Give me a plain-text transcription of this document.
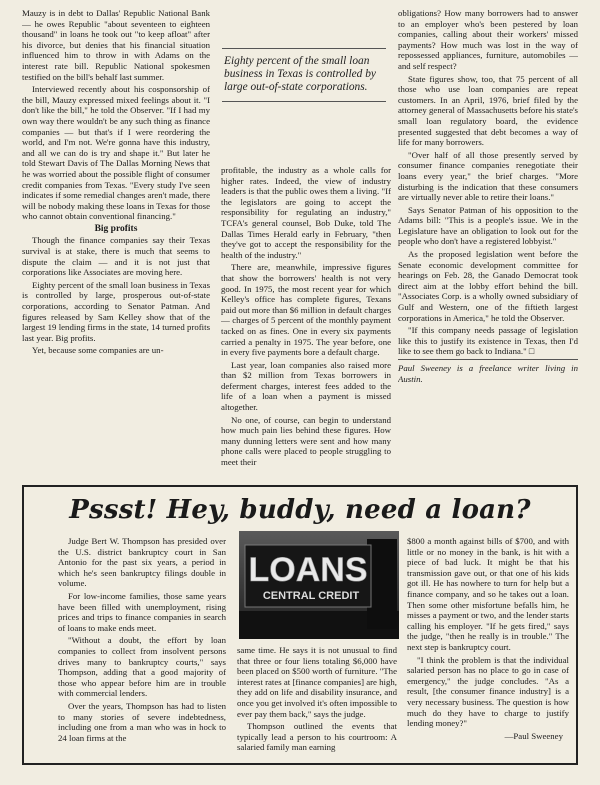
Mauzy is in debt to Dallas' Republic National Bank — he owes Republic "about seventeen to eighteen thousand" in loans he took out "to keep afloat" after his divorce, but denies that his financial situation influenced him to throw in with Adams on the interest rate bill. Republic National spokesmen testified on the bill's behalf last summer.

Interviewed recently about his cosponsorship of the bill, Mauzy expressed mixed feelings about it. "I don't like the bill," he told the Observer. "If I had my own way there wouldn't be any such thing as finance companies — but that's if I were reordering the world, and I'm not. We're gonna have this industry, and all we can do is try and shape it." But later he told Stewart Davis of The Dallas Morning News that he was worried about the possible flight of consumer credit companies from Texas. "Every study I've seen indicates if some remedial changes aren't made, there will be nobody making these loans in Texas for those who cannot obtain conventional financing."

Big profits

Though the finance companies say their Texas survival is at stake, there is much that seems to dispute the claim — and it is not just that corporations like Associates are moving here.

Eighty percent of the small loan business in Texas is controlled by large, prosperous out-of-state corporations, according to Senator Patman. And figures released by Sam Kelley show that of the largest 19 lending firms in the state, 14 turned profits last year. Big profits.

Yet, because some companies are un-

Eighty percent of the small loan business in Texas is controlled by large out-of-state corporations.

profitable, the industry as a whole calls for higher rates. Indeed, the view of industry leaders is that the public owes them a living. "If the legislators are going to accept the responsibility for regulating an industry," TCFA's general counsel, Bob Duke, told The Dallas Times Herald early in February, "then they've got to accept the responsibility for the health of the industry."

There are, meanwhile, impressive figures that show the borrowers' health is not very good. In 1975, the most recent year for which Kelley's office has complete figures, Texans paid out more than $6 million in default charges — charges of 5 percent of the monthly payment tacked on as fines. One in every six payments carried a penalty in 1975. The year before, one in every five payments bore a default charge.

Last year, loan companies also raised more than $2 million from Texas borrowers in deferment charges, interest fees added to the life of a loan when a payment is missed altogether.

No one, of course, can begin to understand how much pain lies behind these figures. How many dunning letters were sent and how many phone calls were placed to people struggling to meet their

obligations? How many borrowers had to answer to an employer who's been pestered by loan companies, calling about their workers' missed payments? How much was lost in the way of repossessed appliances, furniture, automobiles — and self respect?

State figures show, too, that 75 percent of all those who use loan companies are repeat customers. In an April, 1976, brief filed by the attorney general of Massachusetts before his state's small loan regulatory board, the evidence presented suggested that debt becomes a way of life for many borrowers.

"Over half of all those presently served by consumer finance companies renegotiate their loans every year," the brief charges. "More disturbing is the indication that these consumers are virtually never able to retire their loans."

Says Senator Patman of his opposition to the Adams bill: "This is a people's issue. We in the Legislature have an obligation to look out for the people who don't have a registered lobbyist."

As the proposed legislation went before the Senate economic development committee for hearings on Feb. 28, the Ganado Democrat took direct aim at the lobby effort behind the bill. "Associates Corp. is a wholly owned subsidiary of Gulf and Western, one of the fiftieth largest corporations in America," he told the Observer.

"If this company needs passage of legislation like this to justify its existence in Texas, then I'd like to see them go back to Indiana." □

Paul Sweeney is a freelance writer living in Austin.

Pssst! Hey, buddy, need a loan?
LOANS
CENTRAL CREDIT

Judge Bert W. Thompson has presided over the U.S. district bankruptcy court in San Antonio for the past six years, a period in which he's seen bankruptcy filings double in volume.

For low-income families, those same years have been filled with unemployment, rising prices and trips to finance companies in search of loans to make ends meet.

"Without a doubt, the effort by loan companies to collect from insolvent persons drives many to bankruptcy courts," says Thompson, adding that a good majority of those who appear before him are in trouble with commercial lenders.

Over the years, Thompson has had to listen to many stories of severe indebtedness, including one from a man who was in hock to 24 loan firms at the

same time. He says it is not unusual to find that three or four liens totaling $6,000 have been placed on $500 worth of furniture. "The interest rates at [finance companies] are high, they add on life and disability insurance, and once you get involved it's often impossible to ever pay them back," says the judge.

Thompson outlined the events that typically lead a person to his courtroom: A salaried family man earning

$800 a month against bills of $700, and with little or no money in the bank, is hit with a piece of bad luck. It might be that his transmission gave out, or that one of his kids got ill. He has nowhere to turn for help but a finance company, and so he takes out a loan. Then some other misfortune befalls him, he misses a payment or two, and the lender starts calling his employer. "If he gets fired," says the judge, "then he really is in trouble." The next step is bankruptcy court.

"I think the problem is that the individual salaried person has no place to go in case of emergency," the judge concludes. "As a result, [the consumer finance industry] is a very necessary business. The question is how much do they have to charge to justify lending money?"

—Paul Sweeney
